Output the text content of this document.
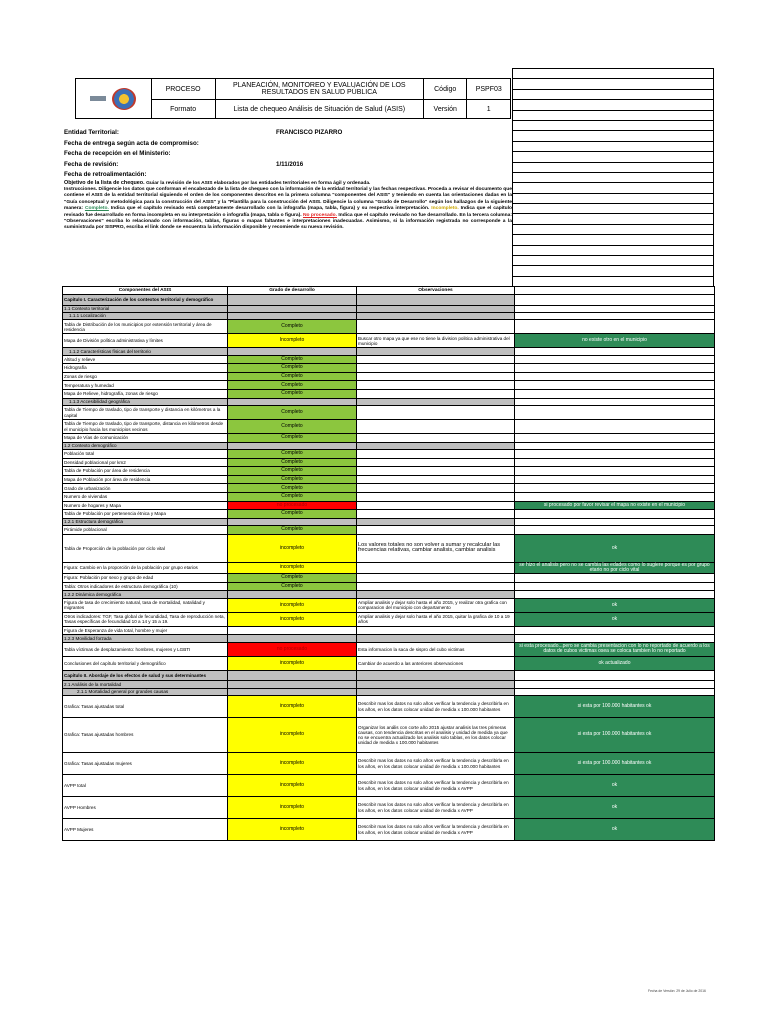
	PROCESO	PLANEACIÓN, MONITOREO Y EVALUACIÓN DE LOS RESULTADOS EN SALUD PÚBLICA	Código	PSPF03
	Formato	Lista de chequeo Análisis de Situación de Salud (ASIS)	Versión	1
Entidad Territorial:	FRANCISCO PIZARRO
Fecha de entrega según acta de compromiso:
Fecha de recepción en el Ministerio:
Fecha de revisión:	1/11/2016
Fecha de retroalimentación:
Objetivo de la lista de chequeo. Guiar la revisión de los ASIS elaborados por las entidades territoriales en forma ágil y ordenada.
Instrucciones. Diligencie los datos que conforman el encabezado de la lista de chequeo con la información de la entidad territorial y las fechas respectivas. Proceda a revisar el documento que contiene el ASIS de la entidad territorial siguiendo el orden de los componentes descritos en la primera columna "componentes del ASIS" y teniendo en cuenta las orientaciones dadas en la "Guía conceptual y metodológica para la construcción del ASIS" y la "Plantilla para la construcción del ASIS. Diligencie la columna "Grado de Desarrollo" según los hallazgos de la siguiente manera: Completo. Indica que el capítulo revisado está completamente desarrollado con la infografía (mapa, tabla, figura) y su respectiva interpretación. Incompleto. Indica que el capítulo revisado fue desarrollado en forma incompleta en su interpretación o infografía (mapa, tabla o figura). No procesado. Indica que el capítulo revisado no fue desarrollado. En la tercera columna: "Observaciones" escriba lo relacionado con información, tablas, figuras o mapas faltantes e interpretaciones inadecuadas. Asimismo, si la información registrada no corresponde a la suministrada por SISPRO, escriba el link donde se encuentra la información disponible y recomiende su nueva revisión.

Componentes del ASIS	Grado de desarrollo	Observaciones	
Capítulo I. Caracterización de los contextos territorial y demográfico			
1.1 Contexto territorial			
1.1.1 Localización			
Tabla de Distribución de los municipios por extensión territorial y área de residencia	Completo		
Mapa de División política administrativa y límites	Incompleto	Buscar otro mapa ya que ese no tiene la division politica administrativa del municipio	no existe otro en el municipio
1.1.2 Características físicas del territorio			
Altitud y relieve	Completo		
Hidrografía	Completo		
Zonas de riesgo	Completo		
Temperatura y humedad	Completo		
Mapa de Relieve, hidrografía, zonas de riesgo	Completo		
1.1.3 Accesibilidad geográfica			
Tabla de Tiempo de traslado, tipo de transporte y distancia en kilómetros a la capital	Completo		
Tabla de Tiempo de traslado, tipo de transporte, distancia en kilómetros desde el municipio hacia los municipios vecinos	Completo		
Mapa de Vías de comunicación	Completo		
1.2 Contexto demográfico			
Población total	Completo		
Densidad poblacional por km2	Completo		
Tabla de Población por área de residencia	Completo		
Mapa de Población por área de residencia	Completo		
Grado de urbanización	Completo		
Numero de viviendas	Completo		
Numero de hogares y Mapa	no procesado		si procesado por favor revisar el mapa no existe en el municipio
Tabla de Población por pertenencia étnica y Mapa	Completo		
1.2.1 Estructura demográfica			
Pirámide poblacional	Completo		
Tabla de Proporción de la población por ciclo vital	incompleto	Los valores totales no son volver a sumar y recalcular las frecuencias relativas, cambiar analisis, cambiar analisis	ok
Figura: Cambio en la proporción de la población por grupo etarios	incompleto		se hizo el analisis pero no se cambia las edades como lo sugiere porque es por grupo etario no por ciclo vital
Figura: Población por sexo y grupo de edad	Completo		
Tabla: Otros indicadores de estructura demográfica (10)	Completo		
1.2.2 Dinámica demográfica			
Figura de tasa de crecimiento natural, tasa de mortalidad, natalidad y migrantes	incompleto	Ampliar analisis y dejar solo hasta el año 2015, y realizar otra grafica con comparacion del municipio con departamento	ok
Otros indicadores: TGF, Tasa global de fecundidad, Tasa de reproducción neta, Tasas específicas de fecundidad 10 a 14 y 15 a 19.	incompleto	Ampliar analisis y dejar solo hasta el año 2015, quitar la grafica de 10 a 19 años	ok
Figura de Esperanza de vida total, hombre y mujer			
1.2.3 Movilidad forzada			
Tabla víctimas de desplazamiento: hombres, mujeres y LGBTI	no procesado	Esta informacion la saca de sispro del cubo victimas	si esta procesado...pero se cambia presentacion con lo no reportado de acuerdo a los datos de cubos victimas osea se coloca tambien lo no reportado
Conclusiones del capítulo territorial y demográfico	incompleto	Cambiar de acuerdo a las anteriores observaciones	ok actualizado
Capítulo II. Abordaje de los efectos de salud y sus determinantes			
2.1 Análisis de la mortalidad			
2.1.1 Mortalidad general por grandes causas			
Grafica: Tasas ajustadas total	incompleto	Describir mas los datos no solo años verificar la tendencia y describirla en los años, en los datos colocar unidad de medida x 100.000 habitantes	si esta por 100.000 habitantes ok
Grafica: Tasas ajustadas hombres	incompleto	Organizar los anális con corte año 2015 ajustar analisis las tres primeras causas, con tendencia descritas en el analisis y unidad de medida ya que no se encuentra actualizado los analisis solo tablas, en los datos colocar unidad de medida x 100.000 habitantes	si esta por 100.000 habitantes ok
Grafica: Tasas ajustadas mujeres	incompleto	Describir mas los datos no solo años verificar la tendencia y describirla en los años, en los datos colocar unidad de medida x 100.000 habitantes	si esta por 100.000 habitantes ok
AVPP total	incompleto	Describir mas los datos no solo años verificar la tendencia y describirla en los años, en los datos colocar unidad de medida x AVPP	ok
AVPP Hombres	incompleto	Describir mas los datos no solo años verificar la tendencia y describirla en los años, en los datos colocar unidad de medida x AVPP	ok
AVPP Mujeres	incompleto	Describir mas los datos no solo años verificar la tendencia y describirla en los años, en los datos colocar unidad de medida x AVPP	ok
Fecha de Versión: 29 de Julio de 2016
